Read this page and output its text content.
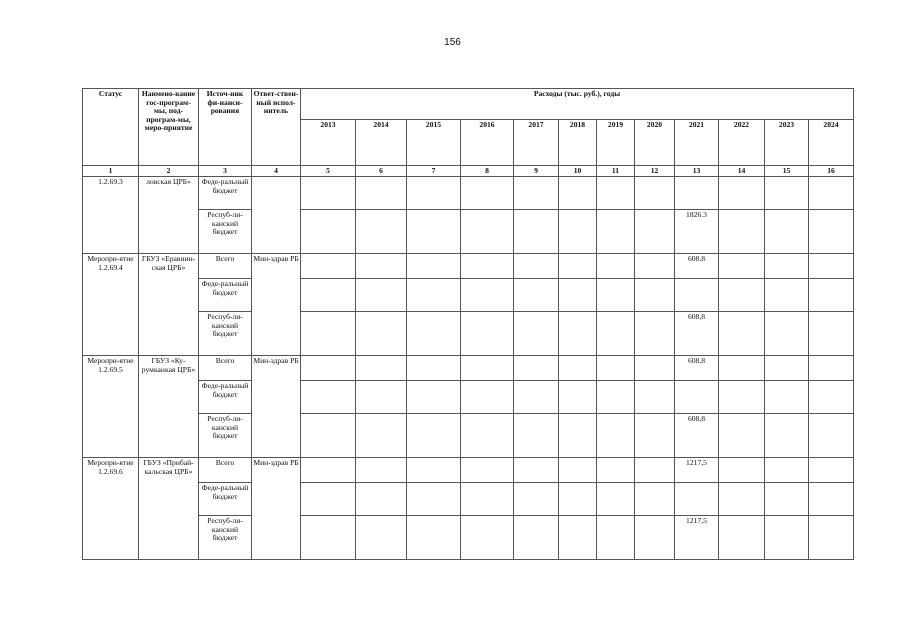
156
Статус	Наимено-вание гос-програм-мы, под-програм-мы, меро-приятие	Источ-ник фи-нанси-рования	Ответ-ствен-ный испол-нитель	Расходы (тыс. руб.), годы											
				2013	2014	2015	2016	2017	2018	2019	2020	2021	2022	2023	2024
1	2	3	4	5	6	7	8	9	10	11	12	13	14	15	16
1.2.69.3	ловская ЦРБ»	Феде-ральный бюджет													
		Респуб-ли-канский бюджет										1826.3			
Меропри-ятие 1.2.69.4	ГБУЗ «Еравнин-ская ЦРБ»	Всего	Мин-здрав РБ									608.8			
		Феде-ральный бюджет													
		Респуб-ли-канский бюджет										608,8			
Меропри-ятие 1.2.69.5	ГБУЗ «Ку-румканкая ЦРБ»	Всего	Мин-здрав РБ									608,8			
		Феде-ральный бюджет													
		Респуб-ли-канский бюджет										608,8			
Меропри-ятие 1.2.69.6	ГБУЗ «Прибай-кальская ЦРБ»	Всего	Мин-здрав РБ									1217,5			
		Феде-ральный бюджет													
		Респуб-ли-канский бюджет										1217,5			
